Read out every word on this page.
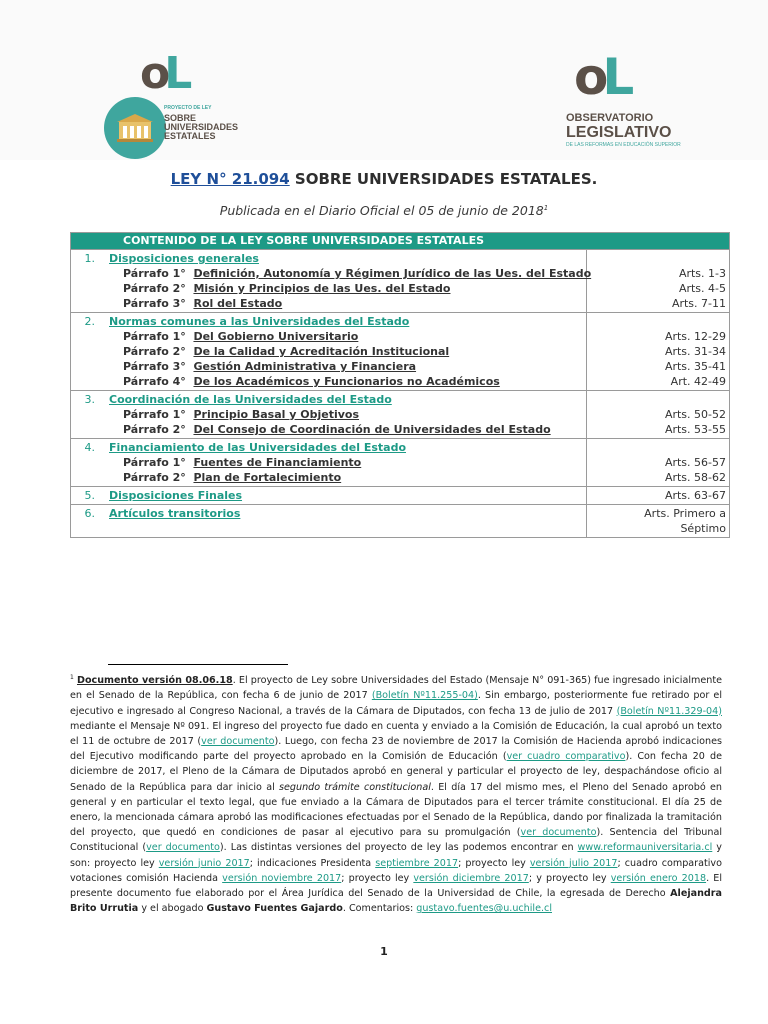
oL
PROYECTO DE LEY
SOBRE
UNIVERSIDADES
ESTATALES
oL
OBSERVATORIO
LEGISLATIVO
DE LAS REFORMAS EN EDUCACIÓN SUPERIOR
LEY N° 21.094 SOBRE UNIVERSIDADES ESTATALES.
Publicada en el Diario Oficial el 05 de junio de 2018$^1$
CONTENIDO DE LA LEY SOBRE UNIVERSIDADES ESTATALES
1. Disposiciones generales
Párrafo 1° Definición, Autonomía y Régimen Jurídico de las Ues. del Estado
Párrafo 2° Misión y Principios de las Ues. del Estado
Párrafo 3° Rol del Estado
Arts. 1-3
Arts. 4-5
Arts. 7-11
2. Normas comunes a las Universidades del Estado
Párrafo 1° Del Gobierno Universitario
Párrafo 2° De la Calidad y Acreditación Institucional
Párrafo 3° Gestión Administrativa y Financiera
Párrafo 4° De los Académicos y Funcionarios no Académicos
Arts. 12-29
Arts. 31-34
Arts. 35-41
Art. 42-49
3. Coordinación de las Universidades del Estado
Párrafo 1° Principio Basal y Objetivos
Párrafo 2° Del Consejo de Coordinación de Universidades del Estado
Arts. 50-52
Arts. 53-55
4. Financiamiento de las Universidades del Estado
Párrafo 1° Fuentes de Financiamiento
Párrafo 2° Plan de Fortalecimiento
Arts. 56-57
Arts. 58-62
5. Disposiciones Finales	Arts. 63-67
6. Artículos transitorios	Arts. Primero a
Séptimo
$^1$ Documento versión 08.06.18. El proyecto de Ley sobre Universidades del Estado (Mensaje N° 091-365) fue ingresado inicialmente en el Senado de la República, con fecha 6 de junio de 2017 (Boletín Nº11.255-04). Sin embargo, posteriormente fue retirado por el ejecutivo e ingresado al Congreso Nacional, a través de la Cámara de Diputados, con fecha 13 de julio de 2017 (Boletín Nº11.329-04) mediante el Mensaje Nº 091. El ingreso del proyecto fue dado en cuenta y enviado a la Comisión de Educación, la cual aprobó un texto el 11 de octubre de 2017 (ver documento). Luego, con fecha 23 de noviembre de 2017 la Comisión de Hacienda aprobó indicaciones del Ejecutivo modificando parte del proyecto aprobado en la Comisión de Educación (ver cuadro comparativo). Con fecha 20 de diciembre de 2017, el Pleno de la Cámara de Diputados aprobó en general y particular el proyecto de ley, despachándose oficio al Senado de la República para dar inicio al segundo trámite constitucional. El día 17 del mismo mes, el Pleno del Senado aprobó en general y en particular el texto legal, que fue enviado a la Cámara de Diputados para el tercer trámite constitucional. El día 25 de enero, la mencionada cámara aprobó las modificaciones efectuadas por el Senado de la República, dando por finalizada la tramitación del proyecto, que quedó en condiciones de pasar al ejecutivo para su promulgación (ver documento). Sentencia del Tribunal Constitucional (ver documento). Las distintas versiones del proyecto de ley las podemos encontrar en www.reformauniversitaria.cl y son: proyecto ley versión junio 2017; indicaciones Presidenta septiembre 2017; proyecto ley versión julio 2017; cuadro comparativo votaciones comisión Hacienda versión noviembre 2017; proyecto ley versión diciembre 2017; y proyecto ley versión enero 2018. El presente documento fue elaborado por el Área Jurídica del Senado de la Universidad de Chile, la egresada de Derecho Alejandra Brito Urrutia y el abogado Gustavo Fuentes Gajardo. Comentarios: gustavo.fuentes@u.uchile.cl
1
